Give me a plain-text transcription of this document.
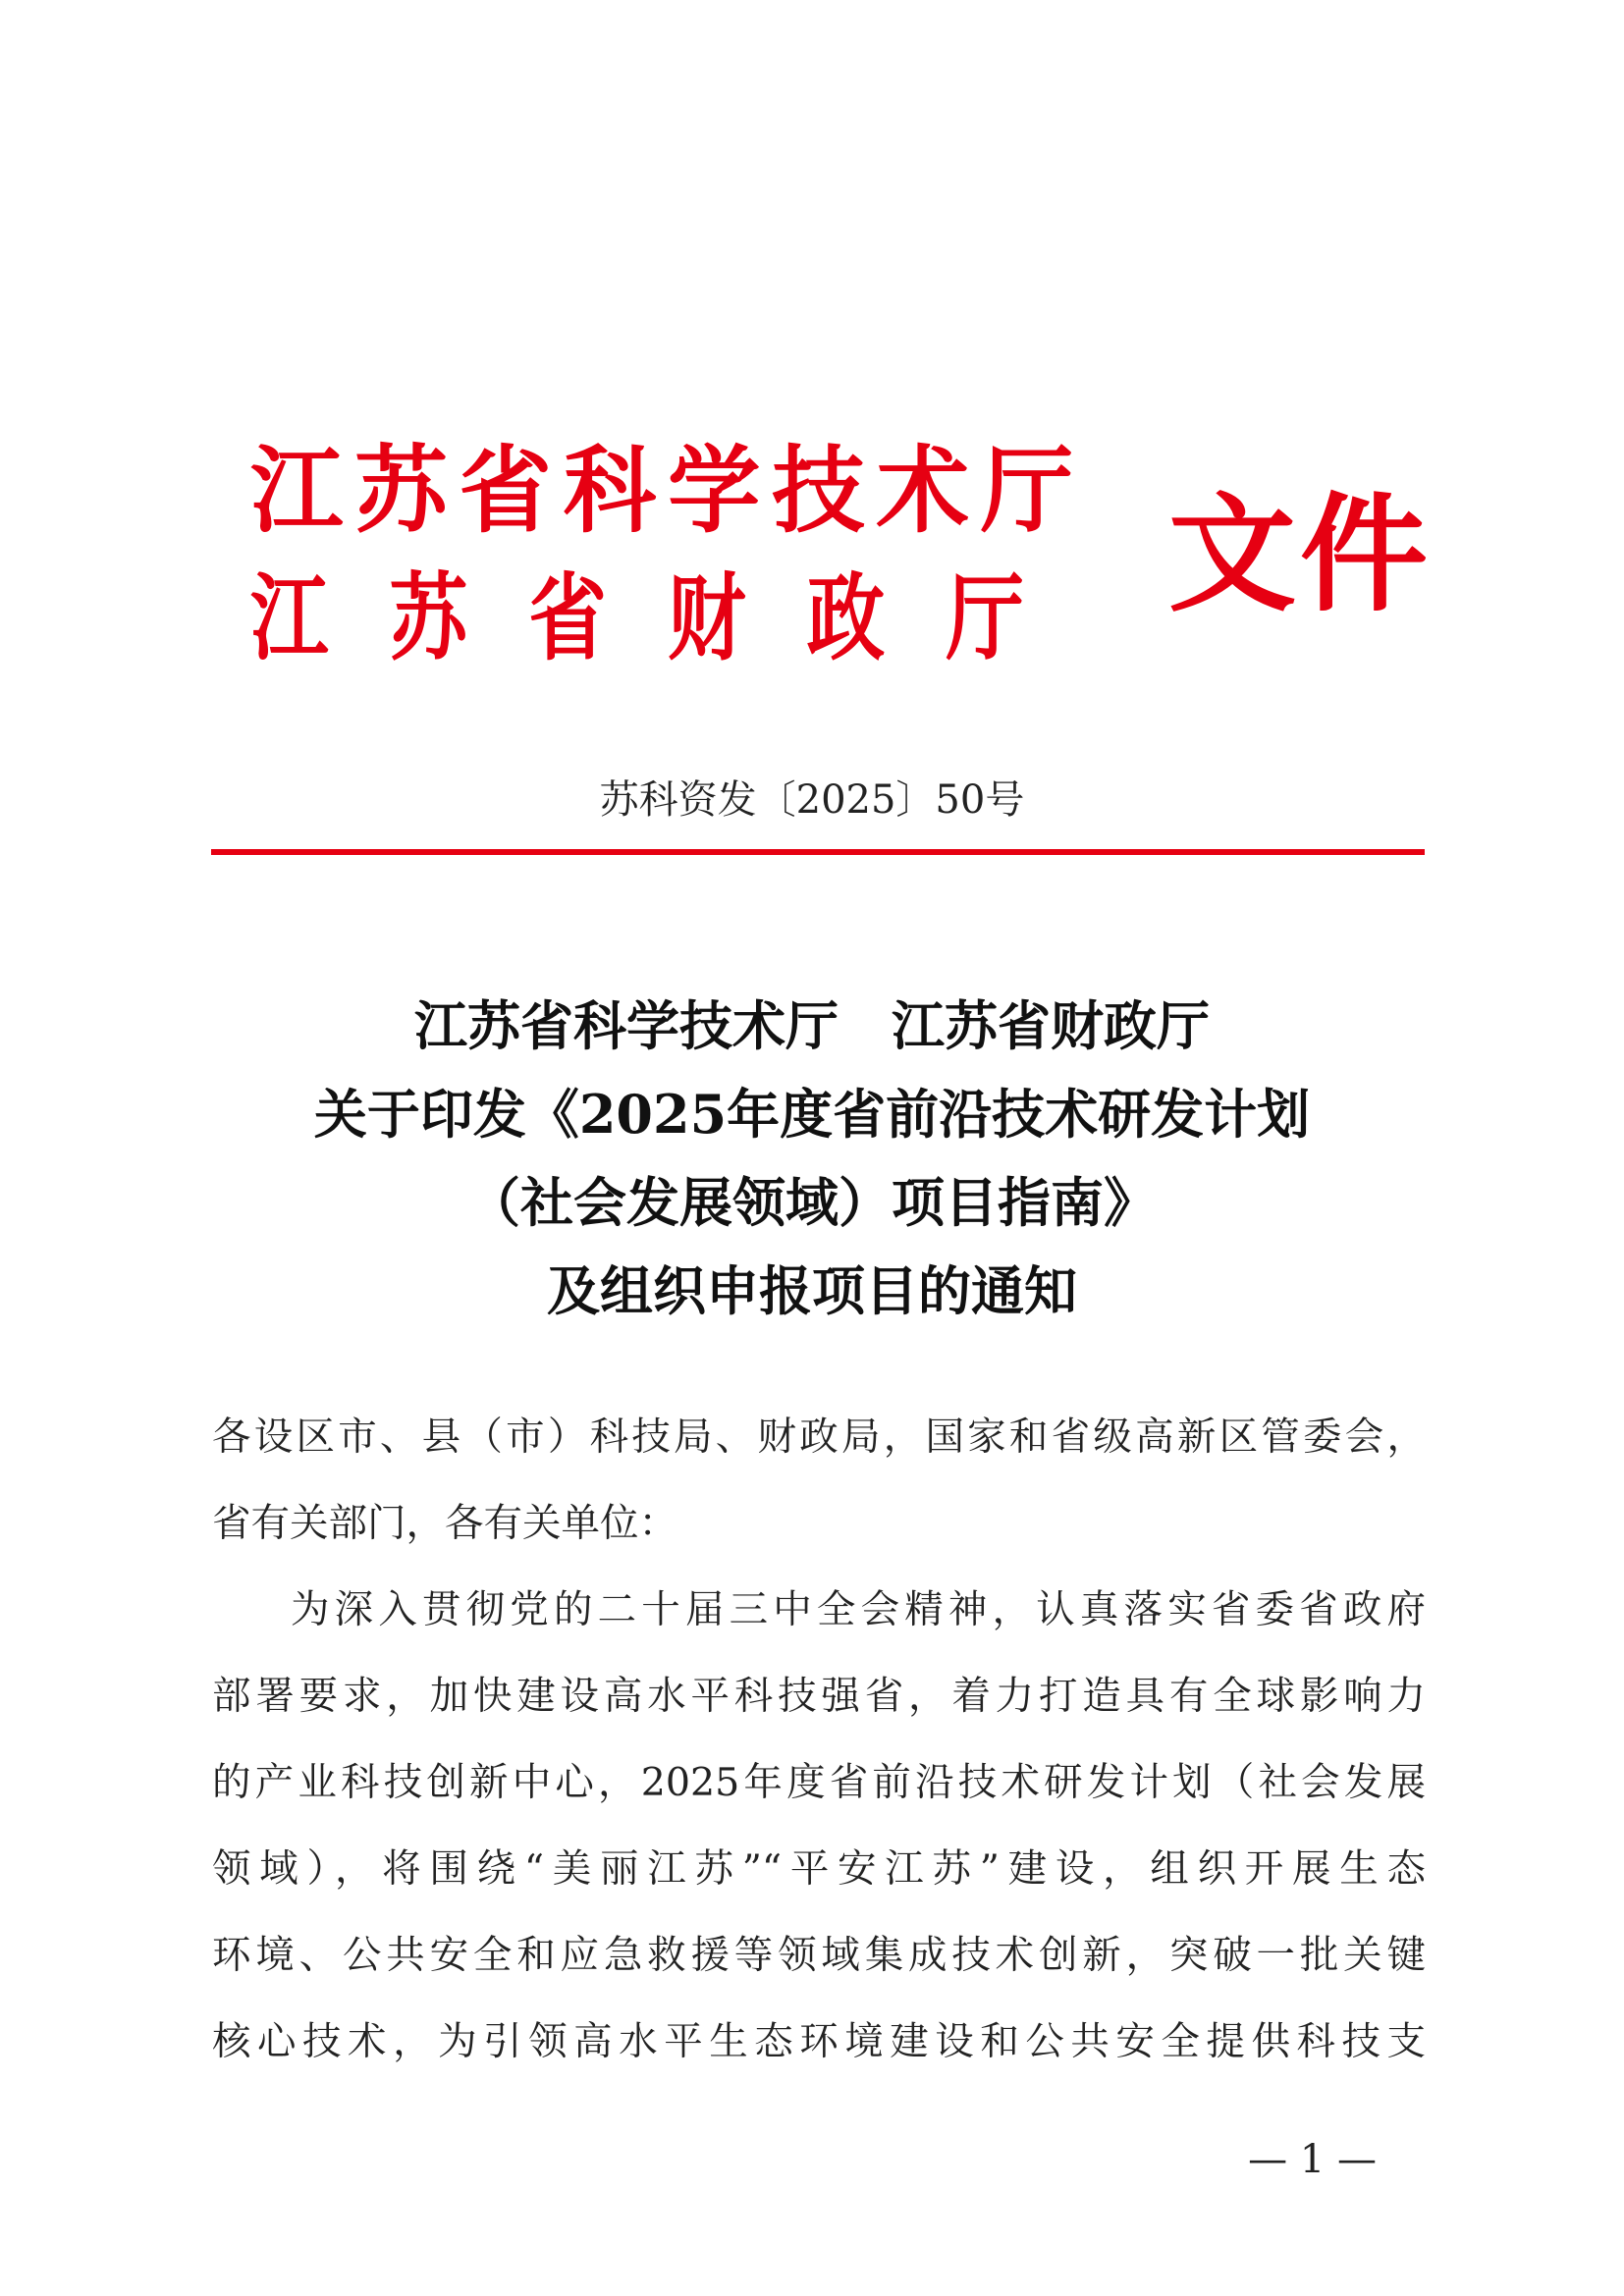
江苏省科学技术厅
江苏省财政厅 文件
苏科资发〔2025〕50号
江苏省科学技术厅 江苏省财政厅
关于印发《2025年度省前沿技术研发计划
（社会发展领域）项目指南》
及组织申报项目的通知
各设区市、县（市）科技局、财政局，国家和省级高新区管委会，
省有关部门，各有关单位：
为深入贯彻党的二十届三中全会精神，认真落实省委省政府
部署要求，加快建设高水平科技强省，着力打造具有全球影响力
的产业科技创新中心，2025年度省前沿技术研发计划（社会发展
领域），将围绕“美丽江苏”“平安江苏”建设，组织开展生态
环境、公共安全和应急救援等领域集成技术创新，突破一批关键
核心技术，为引领高水平生态环境建设和公共安全提供科技支
— 1 —
